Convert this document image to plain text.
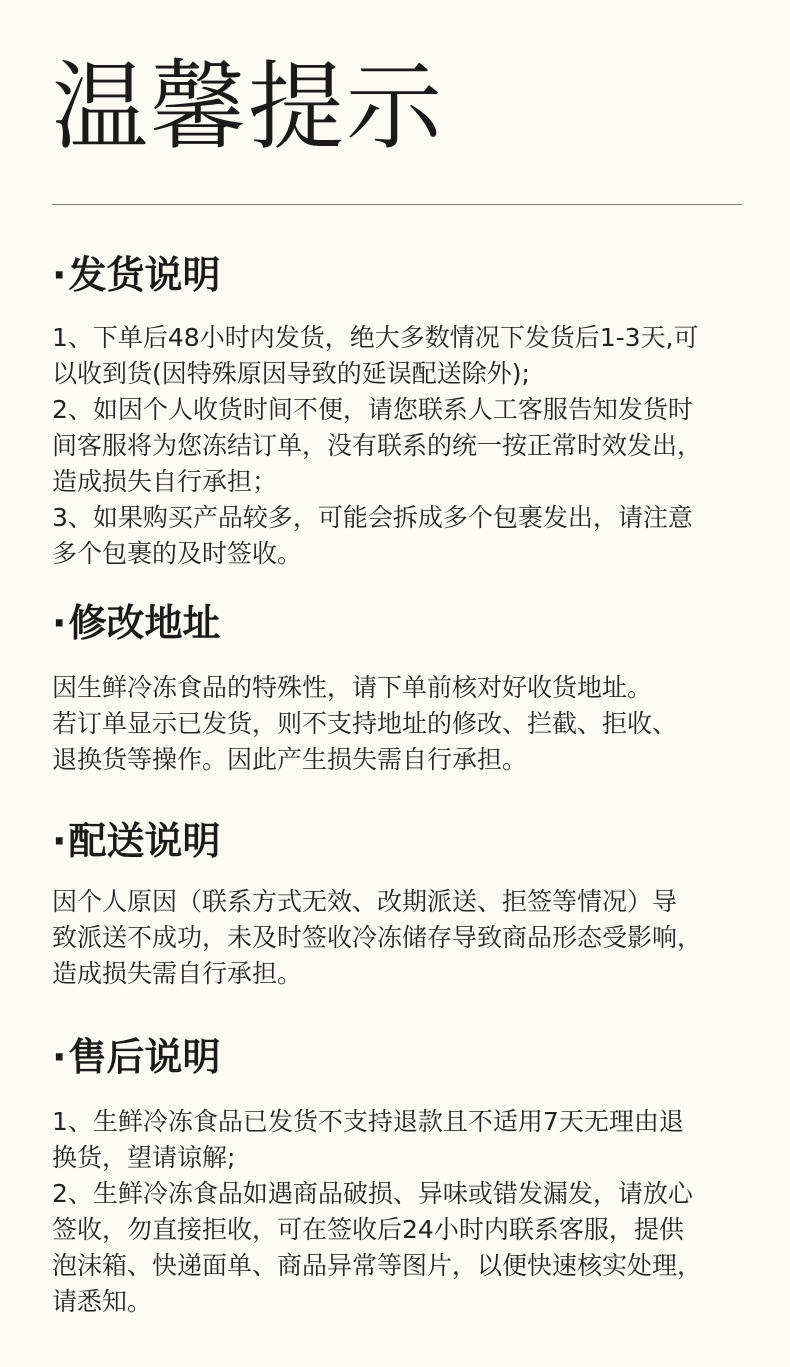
温馨提示
·发货说明
1、下单后48小时内发货，绝大多数情况下发货后1-3天,可
以收到货(因特殊原因导致的延误配送除外);
2、如因个人收货时间不便，请您联系人工客服告知发货时
间客服将为您冻结订单，没有联系的统一按正常时效发出，
造成损失自行承担；
3、如果购买产品较多，可能会拆成多个包裹发出，请注意
多个包裹的及时签收。
·修改地址
因生鲜冷冻食品的特殊性，请下单前核对好收货地址。
若订单显示已发货，则不支持地址的修改、拦截、拒收、
退换货等操作。因此产生损失需自行承担。
·配送说明
因个人原因（联系方式无效、改期派送、拒签等情况）导
致派送不成功，未及时签收冷冻储存导致商品形态受影响，
造成损失需自行承担。
·售后说明
1、生鲜冷冻食品已发货不支持退款且不适用7天无理由退
换货，望请谅解;
2、生鲜冷冻食品如遇商品破损、异味或错发漏发，请放心
签收，勿直接拒收，可在签收后24小时内联系客服，提供
泡沫箱、快递面单、商品异常等图片，以便快速核实处理，
请悉知。
